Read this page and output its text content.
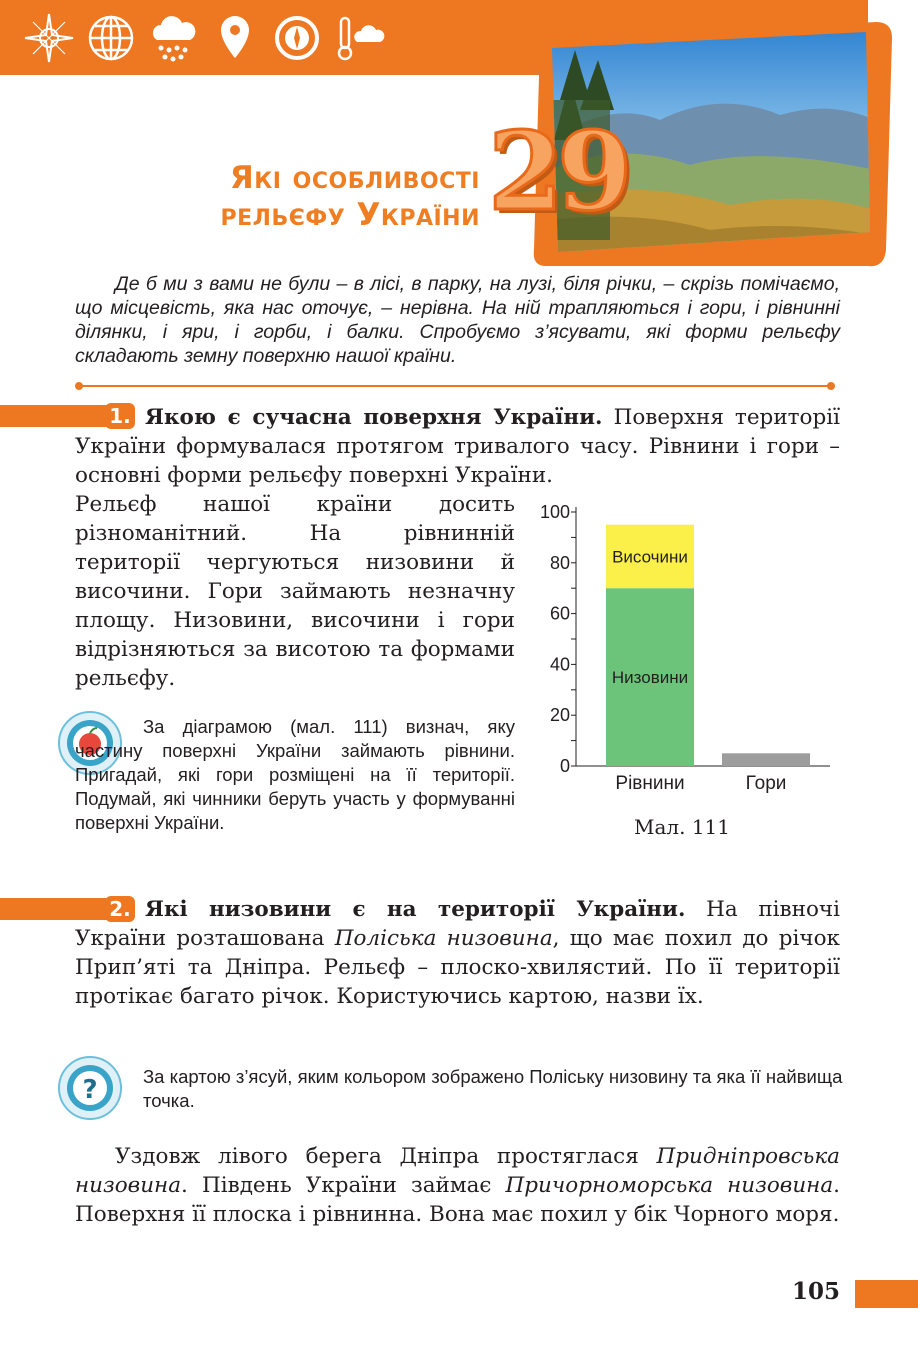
Які особливості
рельєфу України 29
Де б ми з вами не були – в лісі, в парку, на лузі, біля річки, – скрізь помічаємо, що місцевість, яка нас оточує, – нерівна. На ній трапляються і гори, і рівнинні ділянки, і яри, і горби, і балки. Спробуємо з’ясувати, які форми рельєфу складають земну поверхню нашої країни.
1. Якою є сучасна поверхня України. Поверхня території України формувалася протягом тривалого часу. Рівнини і гори – основні форми рельєфу поверхні України.
Рельєф нашої країни досить різноманітний. На рівнинній території чергуються низовини й височини. Гори займають незначну площу. Низовини, височини і гори відрізняються за висотою та формами рельєфу.
За діаграмою (мал. 111) визнач, яку частину поверхні України займають рівнини. Пригадай, які гори розміщені на її території. Подумай, які чинники беруть участь у формуванні поверхні України.
0
20
40
60
80
100
Низовини
Височини
Рівнини	Гори
Мал. 111
2. Які низовини є на території України. На півночі України розташована Поліська низовина, що має похил до річок Прип’яті та Дніпра. Рельєф – плоско-хвилястий. По її території протікає багато річок. Користуючись картою, назви їх.
? За картою з’ясуй, яким кольором зображено Поліську низовину та яка її найвища точка.
Уздовж лівого берега Дніпра простяглася Придніпровська низовина. Південь України займає Причорноморська низовина. Поверхня її плоска і рівнинна. Вона має похил у бік Чорного моря.
105
